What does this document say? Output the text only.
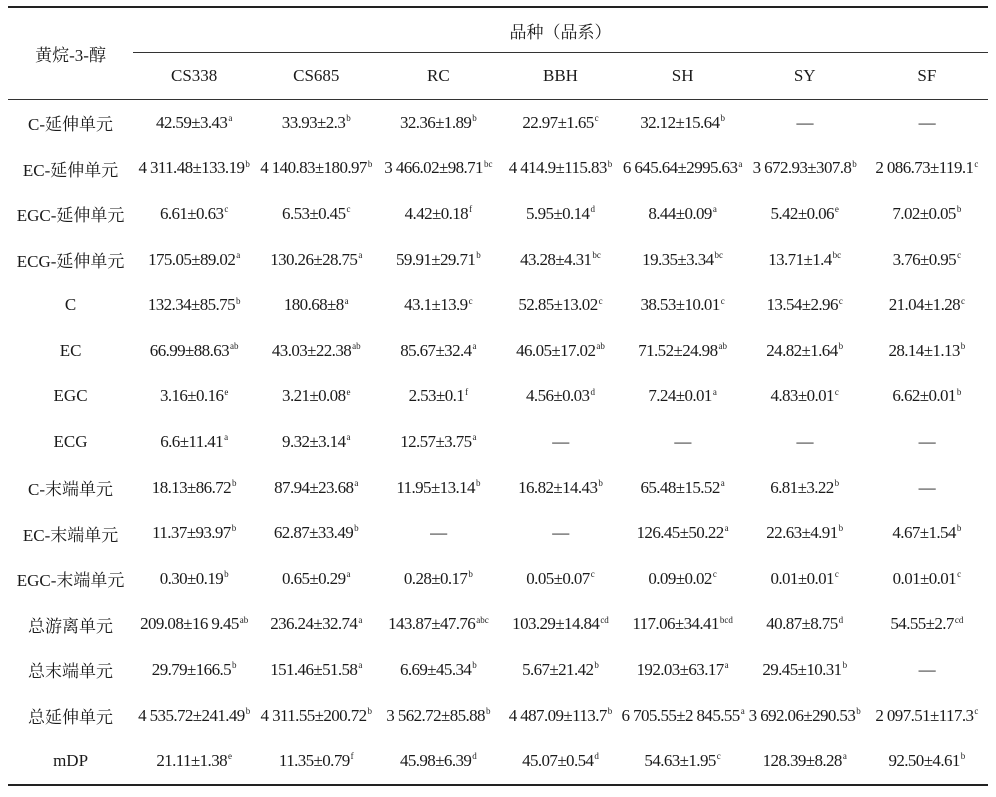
黄烷-3-醇	品种（品系）						
	CS338	CS685	RC	BBH	SH	SY	SF
C-延伸单元	42.59±3.43$^a$	33.93±2.3$^b$	32.36±1.89$^b$	22.97±1.65$^c$	32.12±15.64$^b$	—	—
EC-延伸单元	4 311.48±133.19$^b$	4 140.83±180.97$^b$	3 466.02±98.71$^{bc}$	4 414.9±115.83$^b$	6 645.64±2995.63$^a$	3 672.93±307.8$^b$	2 086.73±119.1$^c$
EGC-延伸单元	6.61±0.63$^c$	6.53±0.45$^c$	4.42±0.18$^f$	5.95±0.14$^d$	8.44±0.09$^a$	5.42±0.06$^e$	7.02±0.05$^b$
ECG-延伸单元	175.05±89.02$^a$	130.26±28.75$^a$	59.91±29.71$^b$	43.28±4.31$^{bc}$	19.35±3.34$^{bc}$	13.71±1.4$^{bc}$	3.76±0.95$^c$
C	132.34±85.75$^b$	$180.68\pm 8^a$	43.1±13.9$^c$	52.85±13.02$^c$	38.53±10.01$^c$	13.54±2.96$^c$	21.04±1.28$^c$
EC	66.99±88.63$^{ab}$	43.03±22.38$^{ab}$	85.67±32.4$^a$	46.05±17.02$^{ab}$	71.52±24.98$^{ab}$	24.82±1.64$^b$	28.14±1.13$^b$
EGC	3.16±0.16$^e$	3.21±0.08$^e$	2.53±0.1$^f$	4.56±0.03$^d$	7.24±0.01$^a$	4.83±0.01$^c$	6.62±0.01$^b$
ECG	6.6±11.41$^a$	9.32±3.14$^a$	12.57±3.75$^a$	—	—	—	—
C-末端单元	18.13±86.72$^b$	87.94±23.68$^a$	11.95±13.14$^b$	16.82±14.43$^b$	65.48±15.52$^a$	6.81±3.22$^b$	—
EC-末端单元	11.37±93.97$^b$	62.87±33.49$^b$	—	—	126.45±50.22$^a$	22.63±4.91$^b$	4.67±1.54$^b$
EGC-末端单元	0.30±0.19$^b$	0.65±0.29$^a$	0.28±0.17$^b$	0.05±0.07$^c$	0.09±0.02$^c$	0.01±0.01$^c$	0.01±0.01$^c$
总游离单元	209.08±16 9.45$^{ab}$	236.24±32.74$^a$	143.87±47.76$^{abc}$	103.29±14.84$^{cd}$	117.06±34.41$^{bcd}$	40.87±8.75$^d$	54.55±2.7$^{cd}$
总末端单元	29.79±166.5$^b$	151.46±51.58$^a$	6.69±45.34$^b$	5.67±21.42$^b$	192.03±63.17$^a$	29.45±10.31$^b$	—
总延伸单元	4 535.72±241.49$^b$	4 311.55±200.72$^b$	3 562.72±85.88$^b$	4 487.09±113.7$^b$	6 705.55±2 845.55$^a$	3 692.06±290.53$^b$	2 097.51±117.3$^c$
mDP	21.11±1.38$^e$	11.35±0.79$^f$	45.98±6.39$^d$	45.07±0.54$^d$	54.63±1.95$^c$	128.39±8.28$^a$	92.50±4.61$^b$
